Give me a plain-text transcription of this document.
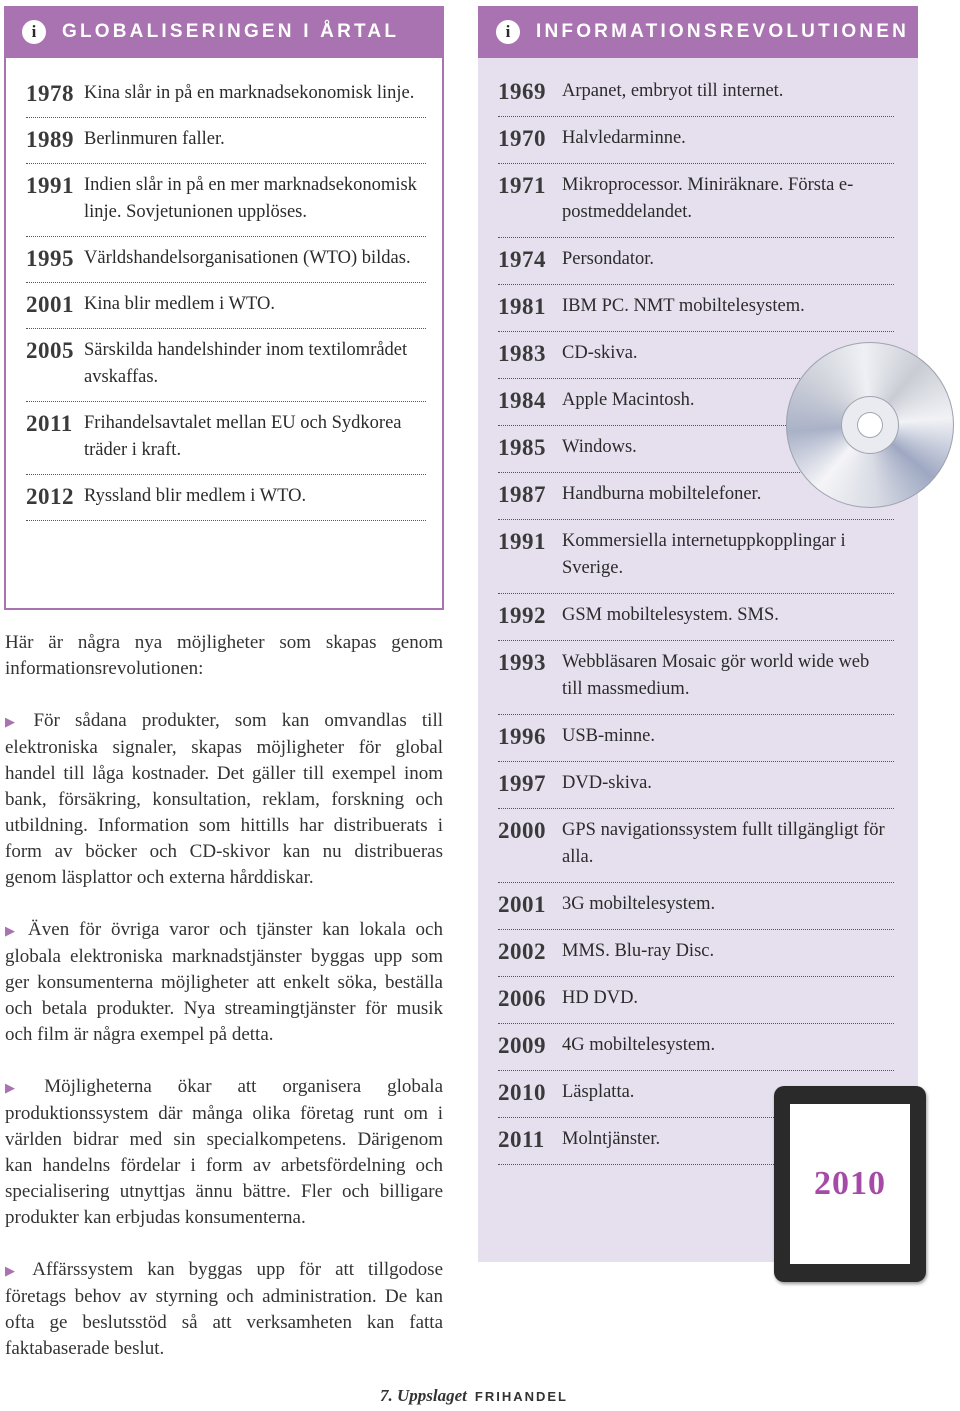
i	GLOBALISERINGEN I ÅRTAL
1978 Kina slår in på en marknadsekonomisk linje.
1989 Berlinmuren faller.
1991 Indien slår in på en mer marknadsekonomisk linje. Sovjetunionen upplöses.
1995 Världshandelsorganisationen (WTO) bildas.
2001 Kina blir medlem i WTO.
2005 Särskilda handelshinder inom textilområdet avskaffas.
2011 Frihandelsavtalet mellan EU och Sydkorea träder i kraft.
2012 Ryssland blir medlem i WTO.
i	INFORMATIONSREVOLUTIONEN
1969 Arpanet, embryot till internet.
1970 Halvledarminne.
1971 Mikroprocessor. Miniräknare. Första e-postmeddelandet.
1974 Persondator.
1981 IBM PC. NMT mobiltelesystem.
1983 CD-skiva.
1984 Apple Macintosh.
1985 Windows.
1987 Handburna mobiltelefoner.
1991 Kommersiella internetuppkopplingar i Sverige.
1992 GSM mobiltelesystem. SMS.
1993 Webbläsaren Mosaic gör world wide web till massmedium.
1996 USB-minne.
1997 DVD-skiva.
2000 GPS navigationssystem fullt tillgängligt för alla.
2001 3G mobiltelesystem.
2002 MMS. Blu-ray Disc.
2006 HD DVD.
2009 4G mobiltelesystem.
2010 Läsplatta.
2011 Molntjänster.
2010

Här är några nya möjligheter som skapas genom informationsrevolutionen:

▶ För sådana produkter, som kan omvandlas till elektroniska signaler, skapas möjligheter för global handel till låga kostnader. Det gäller till exempel inom bank, försäkring, konsultation, reklam, forskning och utbildning. Information som hittills har distribuerats i form av böcker och CD-skivor kan nu distribueras genom läsplattor och externa hårddiskar.

▶ Även för övriga varor och tjänster kan lokala och globala elektroniska marknadstjänster byggas upp som ger konsumenterna möjligheter att enkelt söka, beställa och betala produkter. Nya streamingtjänster för musik och film är några exempel på detta.

▶ Möjligheterna ökar att organisera globala produktionssystem där många olika företag runt om i världen bidrar med sin specialkompetens. Därigenom kan handelns fördelar i form av arbetsfördelning och specialisering utnyttjas ännu bättre. Fler och billigare produkter kan erbjudas konsumenterna.

▶ Affärssystem kan byggas upp för att tillgodose företags behov av styrning och administration. De kan ofta ge beslutsstöd så att verksamheten kan fatta faktabaserade beslut.

7. Uppslaget FRIHANDEL
